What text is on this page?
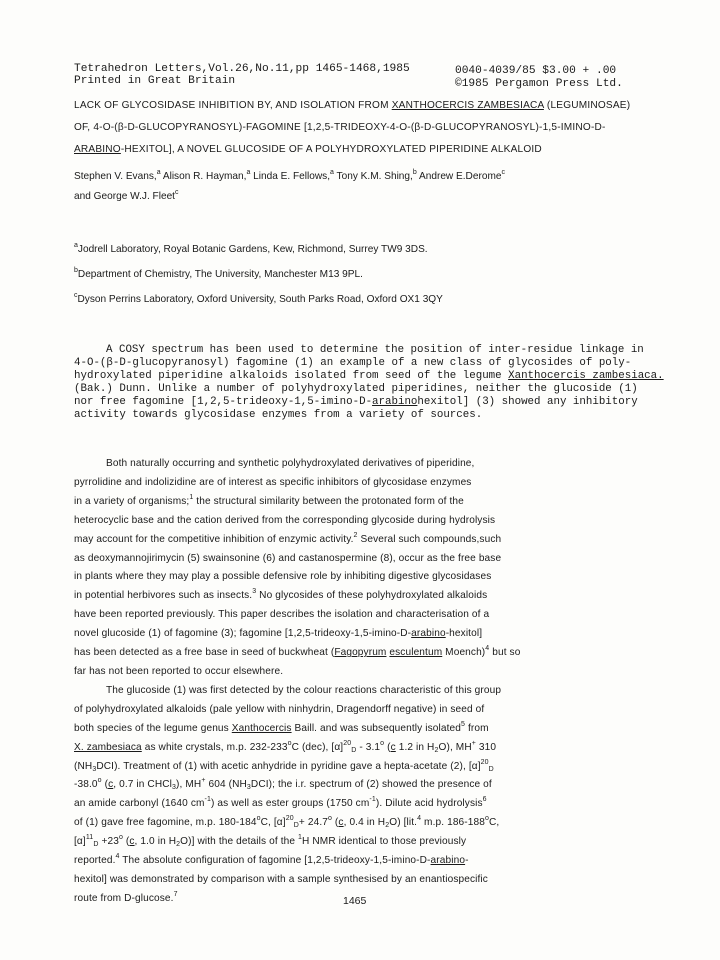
Tetrahedron Letters,Vol.26,No.11,pp 1465-1468,1985
Printed in Great Britain
0040-4039/85 $3.00 + .00
©1985 Pergamon Press Ltd.
LACK OF GLYCOSIDASE INHIBITION BY, AND ISOLATION FROM XANTHOCERCIS ZAMBESIACA (LEGUMINOSAE)
OF, 4-O-(β-D-GLUCOPYRANOSYL)-FAGOMINE [1,2,5-TRIDEOXY-4-O-(β-D-GLUCOPYRANOSYL)-1,5-IMINO-D-
ARABINO-HEXITOL], A NOVEL GLUCOSIDE OF A POLYHYDROXYLATED PIPERIDINE ALKALOID
Stephen V. Evans,$^a$ Alison R. Hayman,$^a$ Linda E. Fellows,$^a$ Tony K.M. Shing,$^b$ Andrew E.Derome$^c$
and George W.J. Fleet$^c$
$^a$Jodrell Laboratory, Royal Botanic Gardens, Kew, Richmond, Surrey TW9 3DS.
$^b$Department of Chemistry, The University, Manchester M13 9PL.
$^c$Dyson Perrins Laboratory, Oxford University, South Parks Road, Oxford OX1 3QY
A COSY spectrum has been used to determine the position of inter-residue linkage in
4-O-(β-D-glucopyranosyl) fagomine (1) an example of a new class of glycosides of poly-
hydroxylated piperidine alkaloids isolated from seed of the legume Xanthocercis zambesiaca.
(Bak.) Dunn. Unlike a number of polyhydroxylated piperidines, neither the glucoside (1)
nor free fagomine [1,2,5-trideoxy-1,5-imino-D-arabinohexitol] (3) showed any inhibitory
activity towards glycosidase enzymes from a variety of sources.
Both naturally occurring and synthetic polyhydroxylated derivatives of piperidine,
pyrrolidine and indolizidine are of interest as specific inhibitors of glycosidase enzymes
in a variety of organisms;$^1$ the structural similarity between the protonated form of the
heterocyclic base and the cation derived from the corresponding glycoside during hydrolysis
may account for the competitive inhibition of enzymic activity.$^2$ Several such compounds,such
as deoxymannojirimycin (5) swainsonine (6) and castanospermine (8), occur as the free base
in plants where they may play a possible defensive role by inhibiting digestive glycosidases
in potential herbivores such as insects.$^3$ No glycosides of these polyhydroxylated alkaloids
have been reported previously. This paper describes the isolation and characterisation of a
novel glucoside (1) of fagomine (3); fagomine [1,2,5-trideoxy-1,5-imino-D-arabino-hexitol]
has been detected as a free base in seed of buckwheat (Fagopyrum esculentum Moench)$^4$ but so
far has not been reported to occur elsewhere.
The glucoside (1) was first detected by the colour reactions characteristic of this group
of polyhydroxylated alkaloids (pale yellow with ninhydrin, Dragendorff negative) in seed of
both species of the legume genus Xanthocercis Baill. and was subsequently isolated$^5$ from
X. zambesiaca as white crystals, m.p. 232-233$^o$C (dec), $[\alpha]^{20}_D - 3.1^o$ (c 1.2 in $H_2O$), MH+ 310
$(NH_3DCI)$. Treatment of (1) with acetic anhydride in pyridine gave a hepta-acetate (2), $[\alpha]^{20}_D$
-38.0$^o$ (c, 0.7 in CHCl$_3$), MH+ 604 $(NH_3DCI)$; the i.r. spectrum of (2) showed the presence of
an amide carbonyl (1640 $cm^{-1}$) as well as ester groups (1750 $cm^{-1}$). Dilute acid hydrolysis$^6$
of (1) gave free fagomine, m.p. 180-184$^o$C, $[\alpha]^{20}_D+ 24.7^o$ (c, 0.4 in $H_2O$) [lit.$^4$ m.p. 186-188$^o$C,
$[\alpha]^{11}_D +23^o$ (c, 1.0 in $H_2O$)] with the details of the $^1$H NMR identical to those previously
reported.$^4$ The absolute configuration of fagomine [1,2,5-trideoxy-1,5-imino-D-arabino-
hexitol] was demonstrated by comparison with a sample synthesised by an enantiospecific
route from D-glucose.$^7$
1465
